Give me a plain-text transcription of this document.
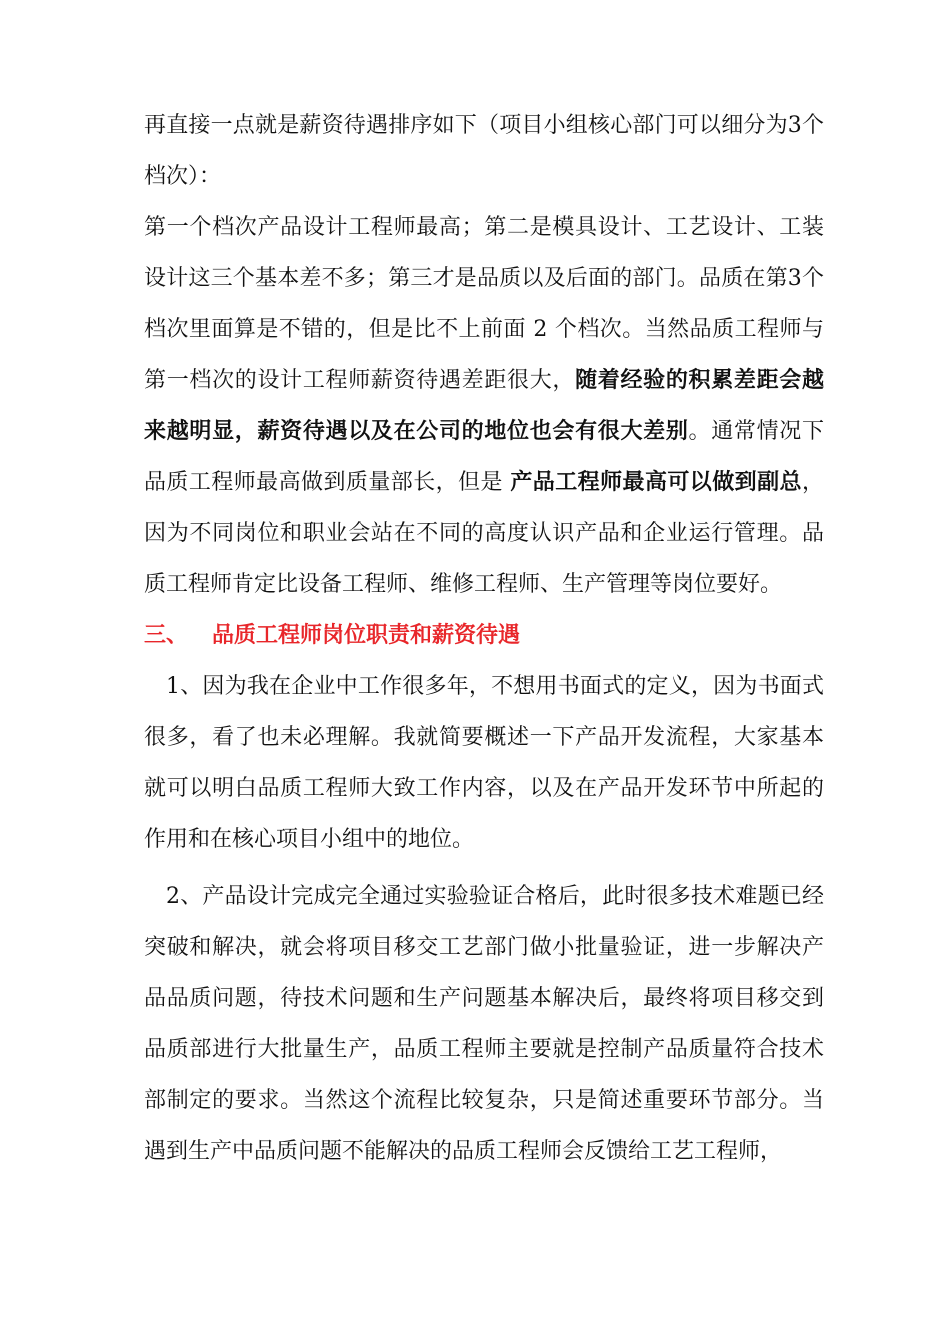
再直接一点就是薪资待遇排序如下（项目小组核心部门可以细分为3个档次）：

第一个档次产品设计工程师最高；第二是模具设计、工艺设计、工装设计这三个基本差不多；第三才是品质以及后面的部门。品质在第3个档次里面算是不错的，但是比不上前面 2 个档次。当然品质工程师与第一档次的设计工程师薪资待遇差距很大，随着经验的积累差距会越来越明显，薪资待遇以及在公司的地位也会有很大差别。通常情况下品质工程师最高做到质量部长，但是 产品工程师最高可以做到副总，因为不同岗位和职业会站在不同的高度认识产品和企业运行管理。品质工程师肯定比设备工程师、维修工程师、生产管理等岗位要好。

三、 品质工程师岗位职责和薪资待遇

1、因为我在企业中工作很多年，不想用书面式的定义，因为书面式很多，看了也未必理解。我就简要概述一下产品开发流程，大家基本就可以明白品质工程师大致工作内容，以及在产品开发环节中所起的作用和在核心项目小组中的地位。

2、产品设计完成完全通过实验验证合格后，此时很多技术难题已经突破和解决，就会将项目移交工艺部门做小批量验证，进一步解决产品品质问题，待技术问题和生产问题基本解决后，最终将项目移交到品质部进行大批量生产，品质工程师主要就是控制产品质量符合技术部制定的要求。当然这个流程比较复杂，只是简述重要环节部分。当遇到生产中品质问题不能解决的品质工程师会反馈给工艺工程师，
